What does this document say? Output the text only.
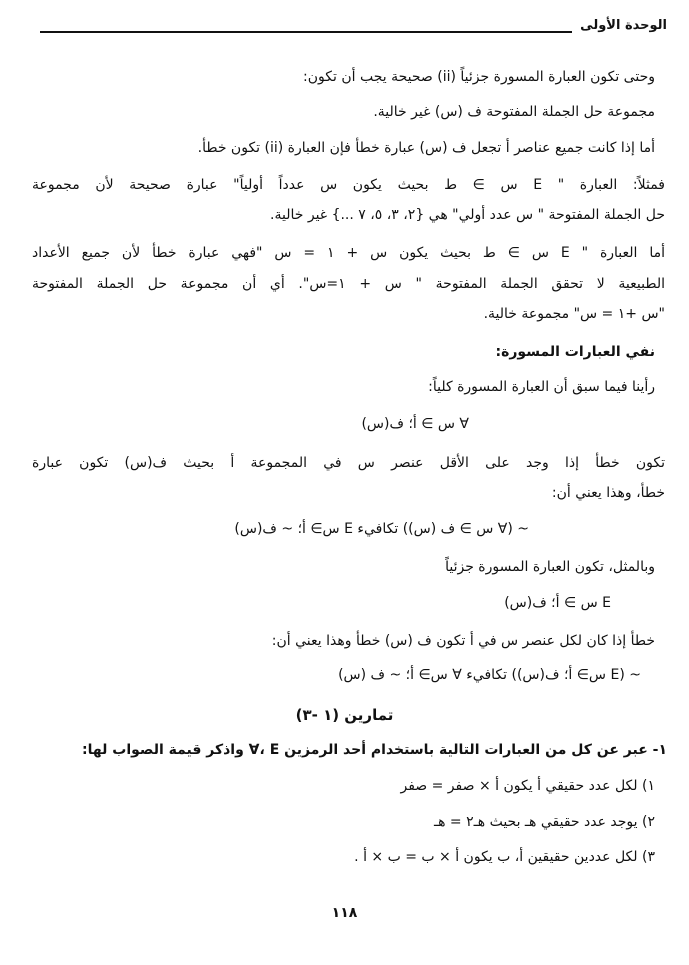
الوحدة الأولى
وحتى تكون العبارة المسورة جزئياً (ii) صحيحة يجب أن تكون:
مجموعة حل الجملة المفتوحة ف (س) غير خالية.
أما إذا كانت جميع عناصر أ تجعل ف (س) عبارة خطأ فإن العبارة (ii) تكون خطأ.
فمثلاً: العبارة " E س ∋ ط بحيث يكون س عدداً أولياً" عبارة صحيحة لأن مجموعة
حل الجملة المفتوحة " س عدد أولي" هي {٢، ٣، ٥، ٧ ...} غير خالية.
أما العبارة " E س ∋ ط بحيث يكون س + ١ = س "فهي عبارة خطأ لأن جميع الأعداد
الطبيعية لا تحقق الجملة المفتوحة " س + ١=س". أي أن مجموعة حل الجملة المفتوحة
"س +١ = س" مجموعة خالية.
نفي العبارات المسورة:
رأينا فيما سبق أن العبارة المسورة كلياً:
∀ س ∋ أ؛ ف(س)
تكون خطأ إذا وجد على الأقل عنصر س في المجموعة أ بحيث ف(س) تكون عبارة
خطأ، وهذا يعني أن:
~ (∀ س ∋ ف (س)) تكافيء E س∋ أ؛ ~ ف(س)
وبالمثل، تكون العبارة المسورة جزئياً
E س ∋ أ؛ ف(س)
خطأ إذا كان لكل عنصر س في أ تكون ف (س) خطأ وهذا يعني أن:
~ (E س∋ أ؛ ف(س)) تكافيء ∀ س∋ أ؛ ~ ف (س)
تمارين (١ -٣)
١- عبر عن كل من العبارات التالية باستخدام أحد الرمزين E ،∀ واذكر قيمة الصواب لها:
١) لكل عدد حقيقي أ يكون أ × صفر = صفر
٢) يوجد عدد حقيقي هـ بحيث هـ٢ = هـ
٣) لكل عددين حقيقين أ، ب يكون أ × ب = ب × أ .
١١٨
